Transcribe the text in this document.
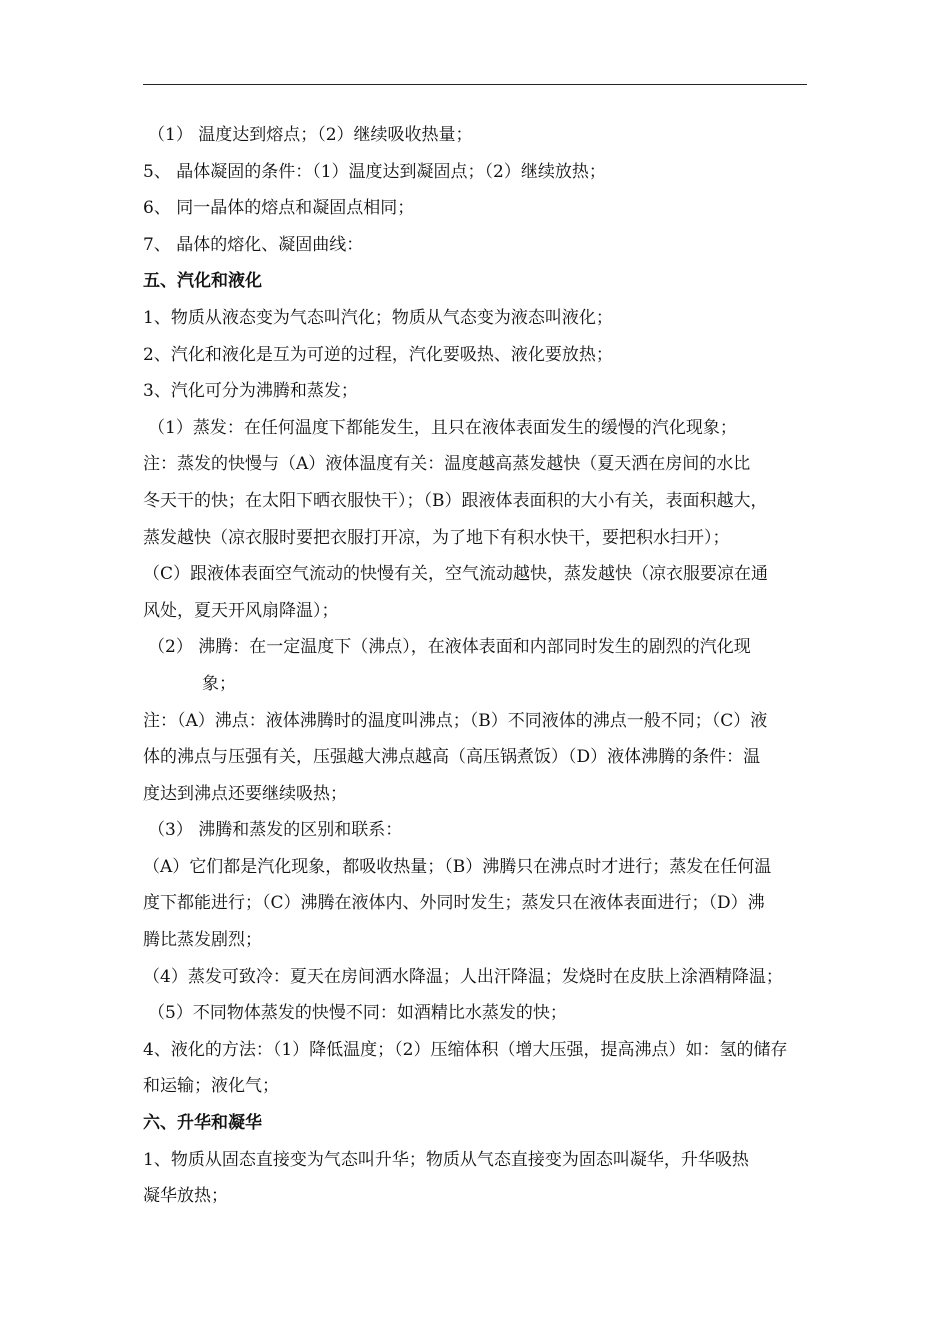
（1） 温度达到熔点；（2）继续吸收热量；
5、 晶体凝固的条件：（1）温度达到凝固点；（2）继续放热；
6、 同一晶体的熔点和凝固点相同；
7、 晶体的熔化、凝固曲线：
五、汽化和液化
1、物质从液态变为气态叫汽化；物质从气态变为液态叫液化；
2、汽化和液化是互为可逆的过程，汽化要吸热、液化要放热；
3、汽化可分为沸腾和蒸发；
（1）蒸发：在任何温度下都能发生，且只在液体表面发生的缓慢的汽化现象；
注：蒸发的快慢与（A）液体温度有关：温度越高蒸发越快（夏天洒在房间的水比
冬天干的快；在太阳下晒衣服快干）；（B）跟液体表面积的大小有关，表面积越大，
蒸发越快（凉衣服时要把衣服打开凉，为了地下有积水快干，要把积水扫开）；
（C）跟液体表面空气流动的快慢有关，空气流动越快，蒸发越快（凉衣服要凉在通
风处，夏天开风扇降温）；
（2） 沸腾：在一定温度下（沸点），在液体表面和内部同时发生的剧烈的汽化现
象；
注：（A）沸点：液体沸腾时的温度叫沸点；（B）不同液体的沸点一般不同；（C）液
体的沸点与压强有关，压强越大沸点越高（高压锅煮饭）（D）液体沸腾的条件：温
度达到沸点还要继续吸热；
（3） 沸腾和蒸发的区别和联系：
（A）它们都是汽化现象，都吸收热量；（B）沸腾只在沸点时才进行；蒸发在任何温
度下都能进行；（C）沸腾在液体内、外同时发生；蒸发只在液体表面进行；（D）沸
腾比蒸发剧烈；
（4）蒸发可致冷：夏天在房间洒水降温；人出汗降温；发烧时在皮肤上涂酒精降温；
（5）不同物体蒸发的快慢不同：如酒精比水蒸发的快；
4、液化的方法：（1）降低温度；（2）压缩体积（增大压强，提高沸点）如：氢的储存
和运输；液化气；
六、升华和凝华
1、物质从固态直接变为气态叫升华；物质从气态直接变为固态叫凝华，升华吸热
凝华放热；
